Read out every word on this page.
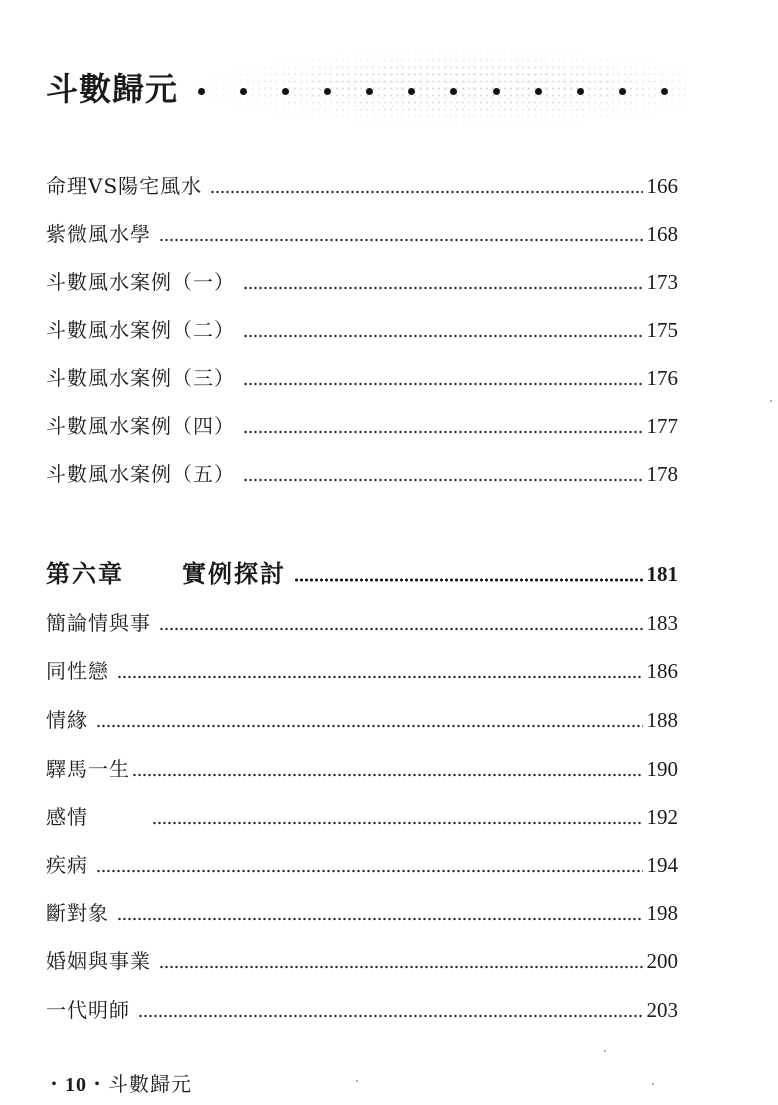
斗數歸元
命理VS陽宅風水	166
紫微風水學	168
斗數風水案例（一）	173
斗數風水案例（二）	175
斗數風水案例（三）	176
斗數風水案例（四）	177
斗數風水案例（五）	178
第六章 實例探討	181
簡論情與事	183
同性戀	186
情緣	188
驛馬一生	190
感情	192
疾病	194
斷對象	198
婚姻與事業	200
一代明師	203
・10・斗數歸元
